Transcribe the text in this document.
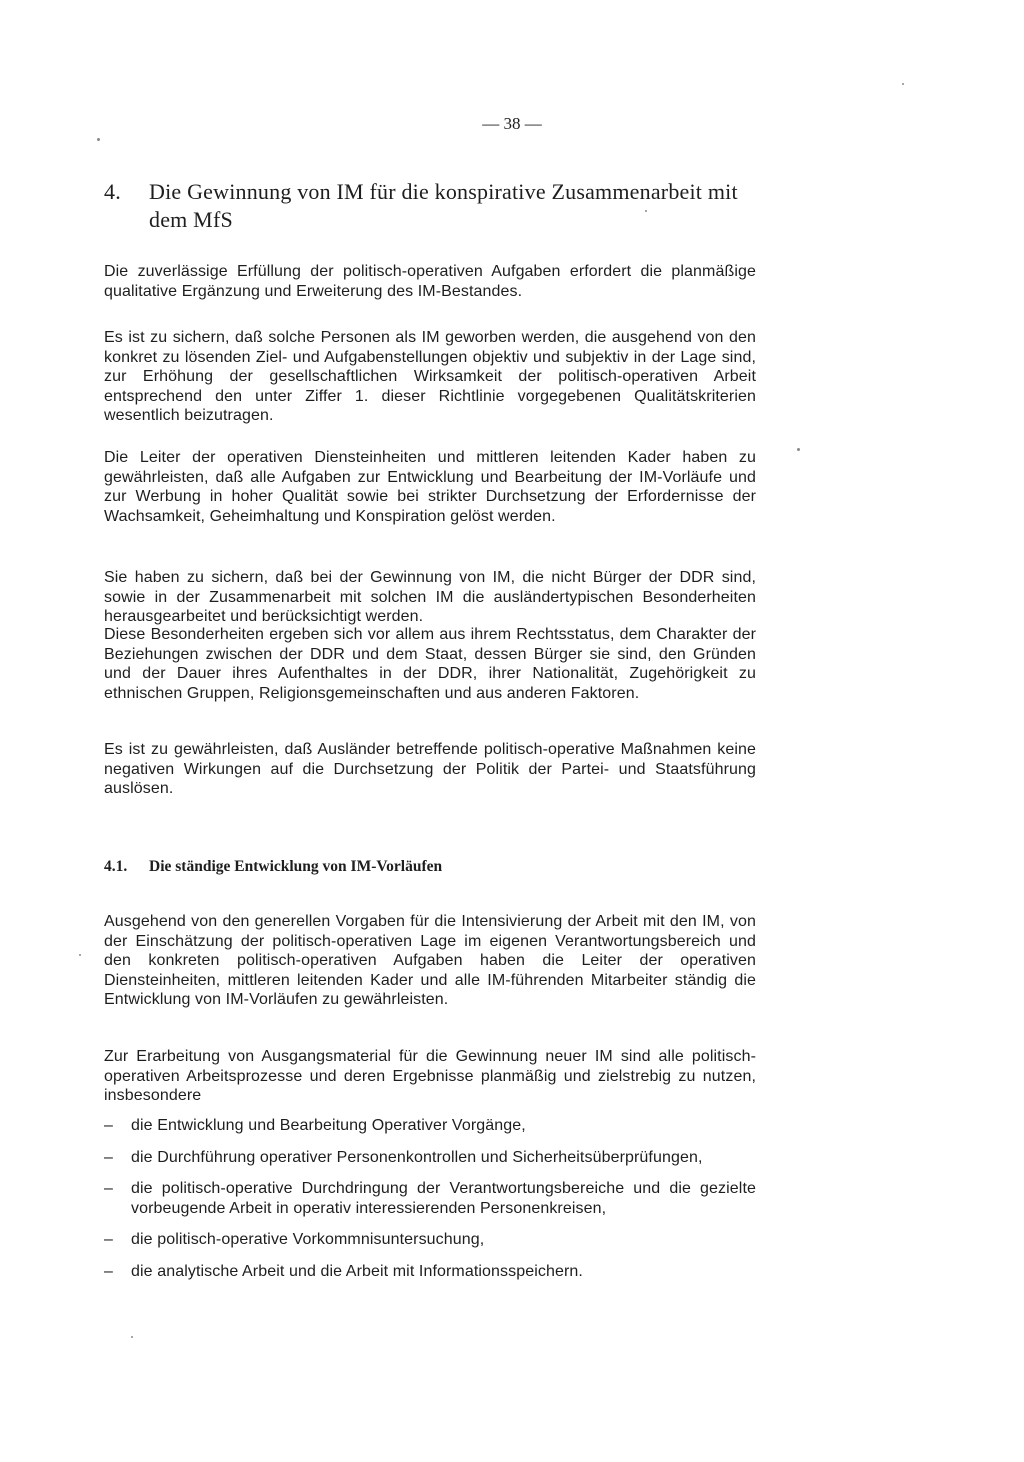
— 38 —
4. Die Gewinnung von IM für die konspirative Zusammenarbeit mit dem MfS

Die zuverlässige Erfüllung der politisch-operativen Aufgaben erfordert die planmäßige qualitative Ergänzung und Erweiterung des IM-Bestandes.

Es ist zu sichern, daß solche Personen als IM geworben werden, die ausgehend von den konkret zu lösenden Ziel- und Aufgabenstellungen objektiv und subjektiv in der Lage sind, zur Erhöhung der gesellschaftlichen Wirksamkeit der politisch-operativen Arbeit entsprechend den unter Ziffer 1. dieser Richtlinie vorgegebenen Qualitätskriterien wesentlich beizutragen.

Die Leiter der operativen Diensteinheiten und mittleren leitenden Kader haben zu gewährleisten, daß alle Aufgaben zur Entwicklung und Bearbeitung der IM-Vorläufe und zur Werbung in hoher Qualität sowie bei strikter Durchsetzung der Erfordernisse der Wachsamkeit, Geheimhaltung und Konspiration gelöst werden.

Sie haben zu sichern, daß bei der Gewinnung von IM, die nicht Bürger der DDR sind, sowie in der Zusammenarbeit mit solchen IM die ausländertypischen Besonderheiten herausgearbeitet und berücksichtigt werden.

Diese Besonderheiten ergeben sich vor allem aus ihrem Rechtsstatus, dem Charakter der Beziehungen zwischen der DDR und dem Staat, dessen Bürger sie sind, den Gründen und der Dauer ihres Aufenthaltes in der DDR, ihrer Nationalität, Zugehörigkeit zu ethnischen Gruppen, Religionsgemeinschaften und aus anderen Faktoren.

Es ist zu gewährleisten, daß Ausländer betreffende politisch-operative Maßnahmen keine negativen Wirkungen auf die Durchsetzung der Politik der Partei- und Staatsführung auslösen.

4.1. Die ständige Entwicklung von IM-Vorläufen

Ausgehend von den generellen Vorgaben für die Intensivierung der Arbeit mit den IM, von der Einschätzung der politisch-operativen Lage im eigenen Verantwortungsbereich und den konkreten politisch-operativen Aufgaben haben die Leiter der operativen Diensteinheiten, mittleren leitenden Kader und alle IM-führenden Mitarbeiter ständig die Entwicklung von IM-Vorläufen zu gewährleisten.

Zur Erarbeitung von Ausgangsmaterial für die Gewinnung neuer IM sind alle politisch-operativen Arbeitsprozesse und deren Ergebnisse planmäßig und zielstrebig zu nutzen, insbesondere

– die Entwicklung und Bearbeitung Operativer Vorgänge,
– die Durchführung operativer Personenkontrollen und Sicherheitsüberprüfungen,
– die politisch-operative Durchdringung der Verantwortungsbereiche und die gezielte vorbeugende Arbeit in operativ interessierenden Personenkreisen,
– die politisch-operative Vorkommnisuntersuchung,
– die analytische Arbeit und die Arbeit mit Informationsspeichern.
